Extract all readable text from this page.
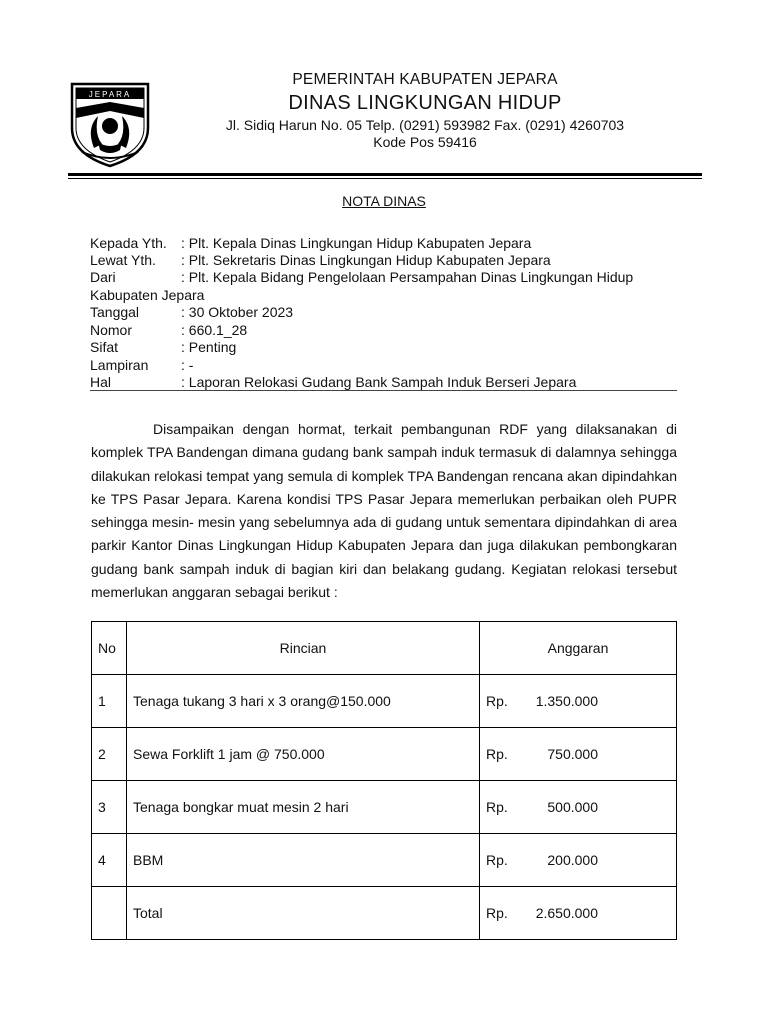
JEPARA
PEMERINTAH KABUPATEN JEPARA
DINAS LINGKUNGAN HIDUP
Jl. Sidiq Harun No. 05 Telp. (0291) 593982 Fax. (0291) 4260703
Kode Pos 59416
NOTA DINAS
Kepada Yth. : Plt. Kepala Dinas Lingkungan Hidup Kabupaten Jepara
Lewat Yth. : Plt. Sekretaris Dinas Lingkungan Hidup Kabupaten Jepara
Dari	: Plt. Kepala Bidang Pengelolaan Persampahan Dinas Lingkungan Hidup
Kabupaten Jepara
Tanggal	: 30 Oktober 2023
Nomor	: 660.1_28
Sifat	: Penting
Lampiran : -
Hal	: Laporan Relokasi Gudang Bank Sampah Induk Berseri Jepara
Disampaikan dengan hormat, terkait pembangunan RDF yang dilaksanakan di komplek TPA Bandengan dimana gudang bank sampah induk termasuk di dalamnya sehingga dilakukan relokasi tempat yang semula di komplek TPA Bandengan rencana akan dipindahkan ke TPS Pasar Jepara. Karena kondisi TPS Pasar Jepara memerlukan perbaikan oleh PUPR sehingga mesin- mesin yang sebelumnya ada di gudang untuk sementara dipindahkan di area parkir Kantor Dinas Lingkungan Hidup Kabupaten Jepara dan juga dilakukan pembongkaran gudang bank sampah induk di bagian kiri dan belakang gudang. Kegiatan relokasi tersebut memerlukan anggaran sebagai berikut :
No	Rincian	Anggaran
1	Tenaga tukang 3 hari x 3 orang@150.000	Rp. 1.350.000
2	Sewa Forklift 1 jam @ 750.000	Rp. 750.000
3	Tenaga bongkar muat mesin 2 hari	Rp. 500.000
4	BBM	Rp. 200.000
	Total	Rp. 2.650.000
